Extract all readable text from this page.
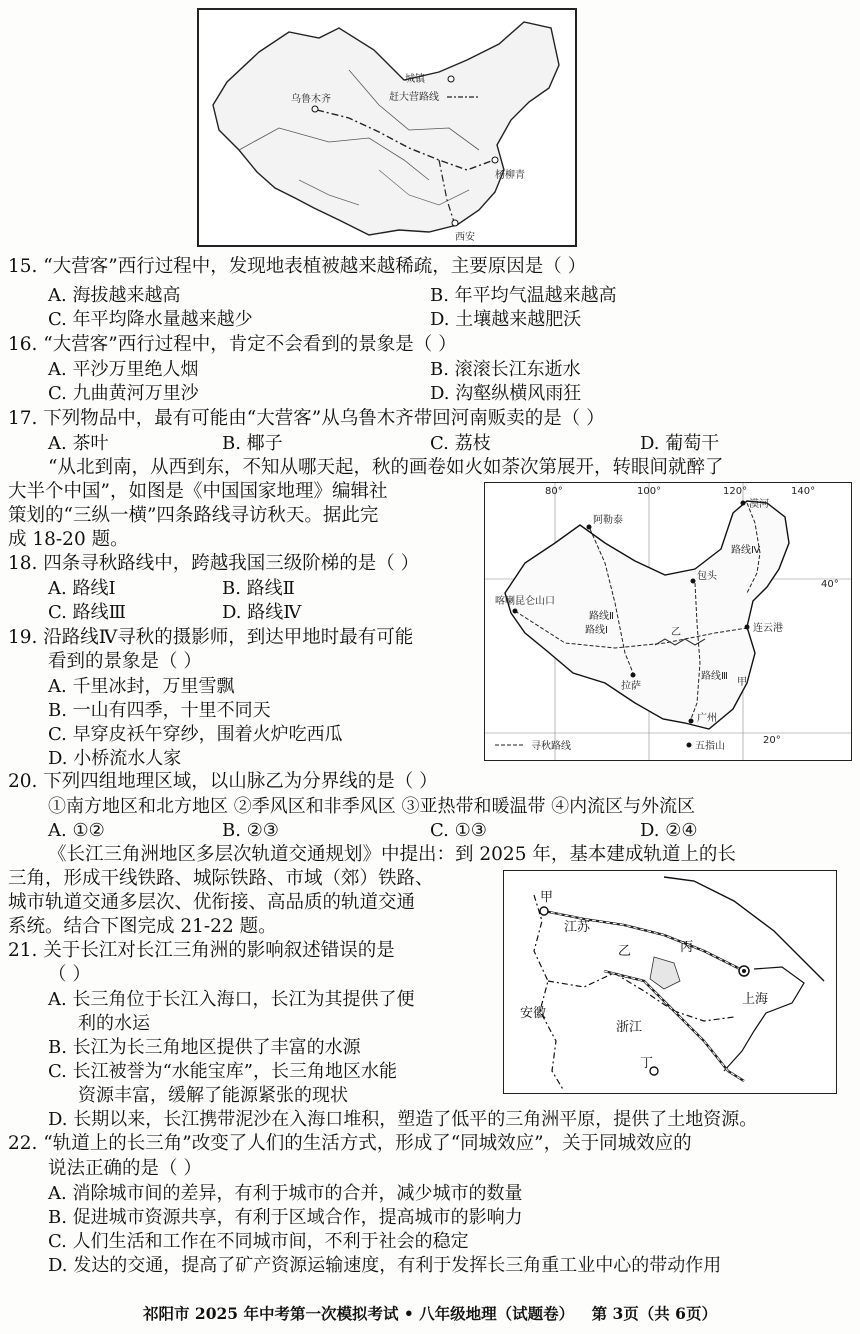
乌鲁木齐
杨柳青
西安
城镇
赶大营路线
15. “大营客”西行过程中，发现地表植被越来越稀疏，主要原因是（ ）
A. 海拔越来越高	B. 年平均气温越来越高
C. 年平均降水量越来越少	D. 土壤越来越肥沃
16. “大营客”西行过程中，肯定不会看到的景象是（ ）
A. 平沙万里绝人烟	B. 滚滚长江东逝水
C. 九曲黄河万里沙	D. 沟壑纵横风雨狂
17. 下列物品中，最有可能由“大营客”从乌鲁木齐带回河南贩卖的是（ ）
A. 茶叶	B. 椰子	C. 荔枝	D. 葡萄干
“从北到南，从西到东，不知从哪天起，秋的画卷如火如荼次第展开，转眼间就醉了
大半个中国”，如图是《中国国家地理》编辑社
策划的“三纵一横”四条路线寻访秋天。据此完
成 18-20 题。
80°	100°	120°	140°
40°
20°
漠河
阿勒泰
包头
喀喇昆仑山口
连云港
拉萨
广州
五指山
路线Ⅰ
路线Ⅱ
路线Ⅲ
路线Ⅳ
乙
甲
寻秋路线
18. 四条寻秋路线中，跨越我国三级阶梯的是（ ）
A. 路线Ⅰ	B. 路线Ⅱ
C. 路线Ⅲ	D. 路线Ⅳ
19. 沿路线Ⅳ寻秋的摄影师，到达甲地时最有可能
看到的景象是（ ）
A. 千里冰封，万里雪飘
B. 一山有四季，十里不同天
C. 早穿皮袄午穿纱，围着火炉吃西瓜
D. 小桥流水人家
20. 下列四组地理区域，以山脉乙为分界线的是（ ）
①南方地区和北方地区 ②季风区和非季风区 ③亚热带和暖温带 ④内流区与外流区
A. ①②	B. ②③	C. ①③	D. ②④
《长江三角洲地区多层次轨道交通规划》中提出：到 2025 年，基本建成轨道上的长
三角，形成干线铁路、城际铁路、市域（郊）铁路、
城市轨道交通多层次、优衔接、高品质的轨道交通
系统。结合下图完成 21-22 题。
甲
江苏
乙	丙
上海
安徽
浙江
丁
21. 关于长江对长江三角洲的影响叙述错误的是
（ ）
A. 长三角位于长江入海口，长江为其提供了便
利的水运
B. 长江为长三角地区提供了丰富的水源
C. 长江被誉为“水能宝库”，长三角地区水能
资源丰富，缓解了能源紧张的现状
D. 长期以来，长江携带泥沙在入海口堆积，塑造了低平的三角洲平原，提供了土地资源。
22. “轨道上的长三角”改变了人们的生活方式，形成了“同城效应”，关于同城效应的
说法正确的是（ ）
A. 消除城市间的差异，有利于城市的合并，减少城市的数量
B. 促进城市资源共享，有利于区域合作，提高城市的影响力
C. 人们生活和工作在不同城市间，不利于社会的稳定
D. 发达的交通，提高了矿产资源运输速度，有利于发挥长三角重工业中心的带动作用
祁阳市 2025 年中考第一次模拟考试 • 八年级地理（试题卷） 第 3页（共 6页）
